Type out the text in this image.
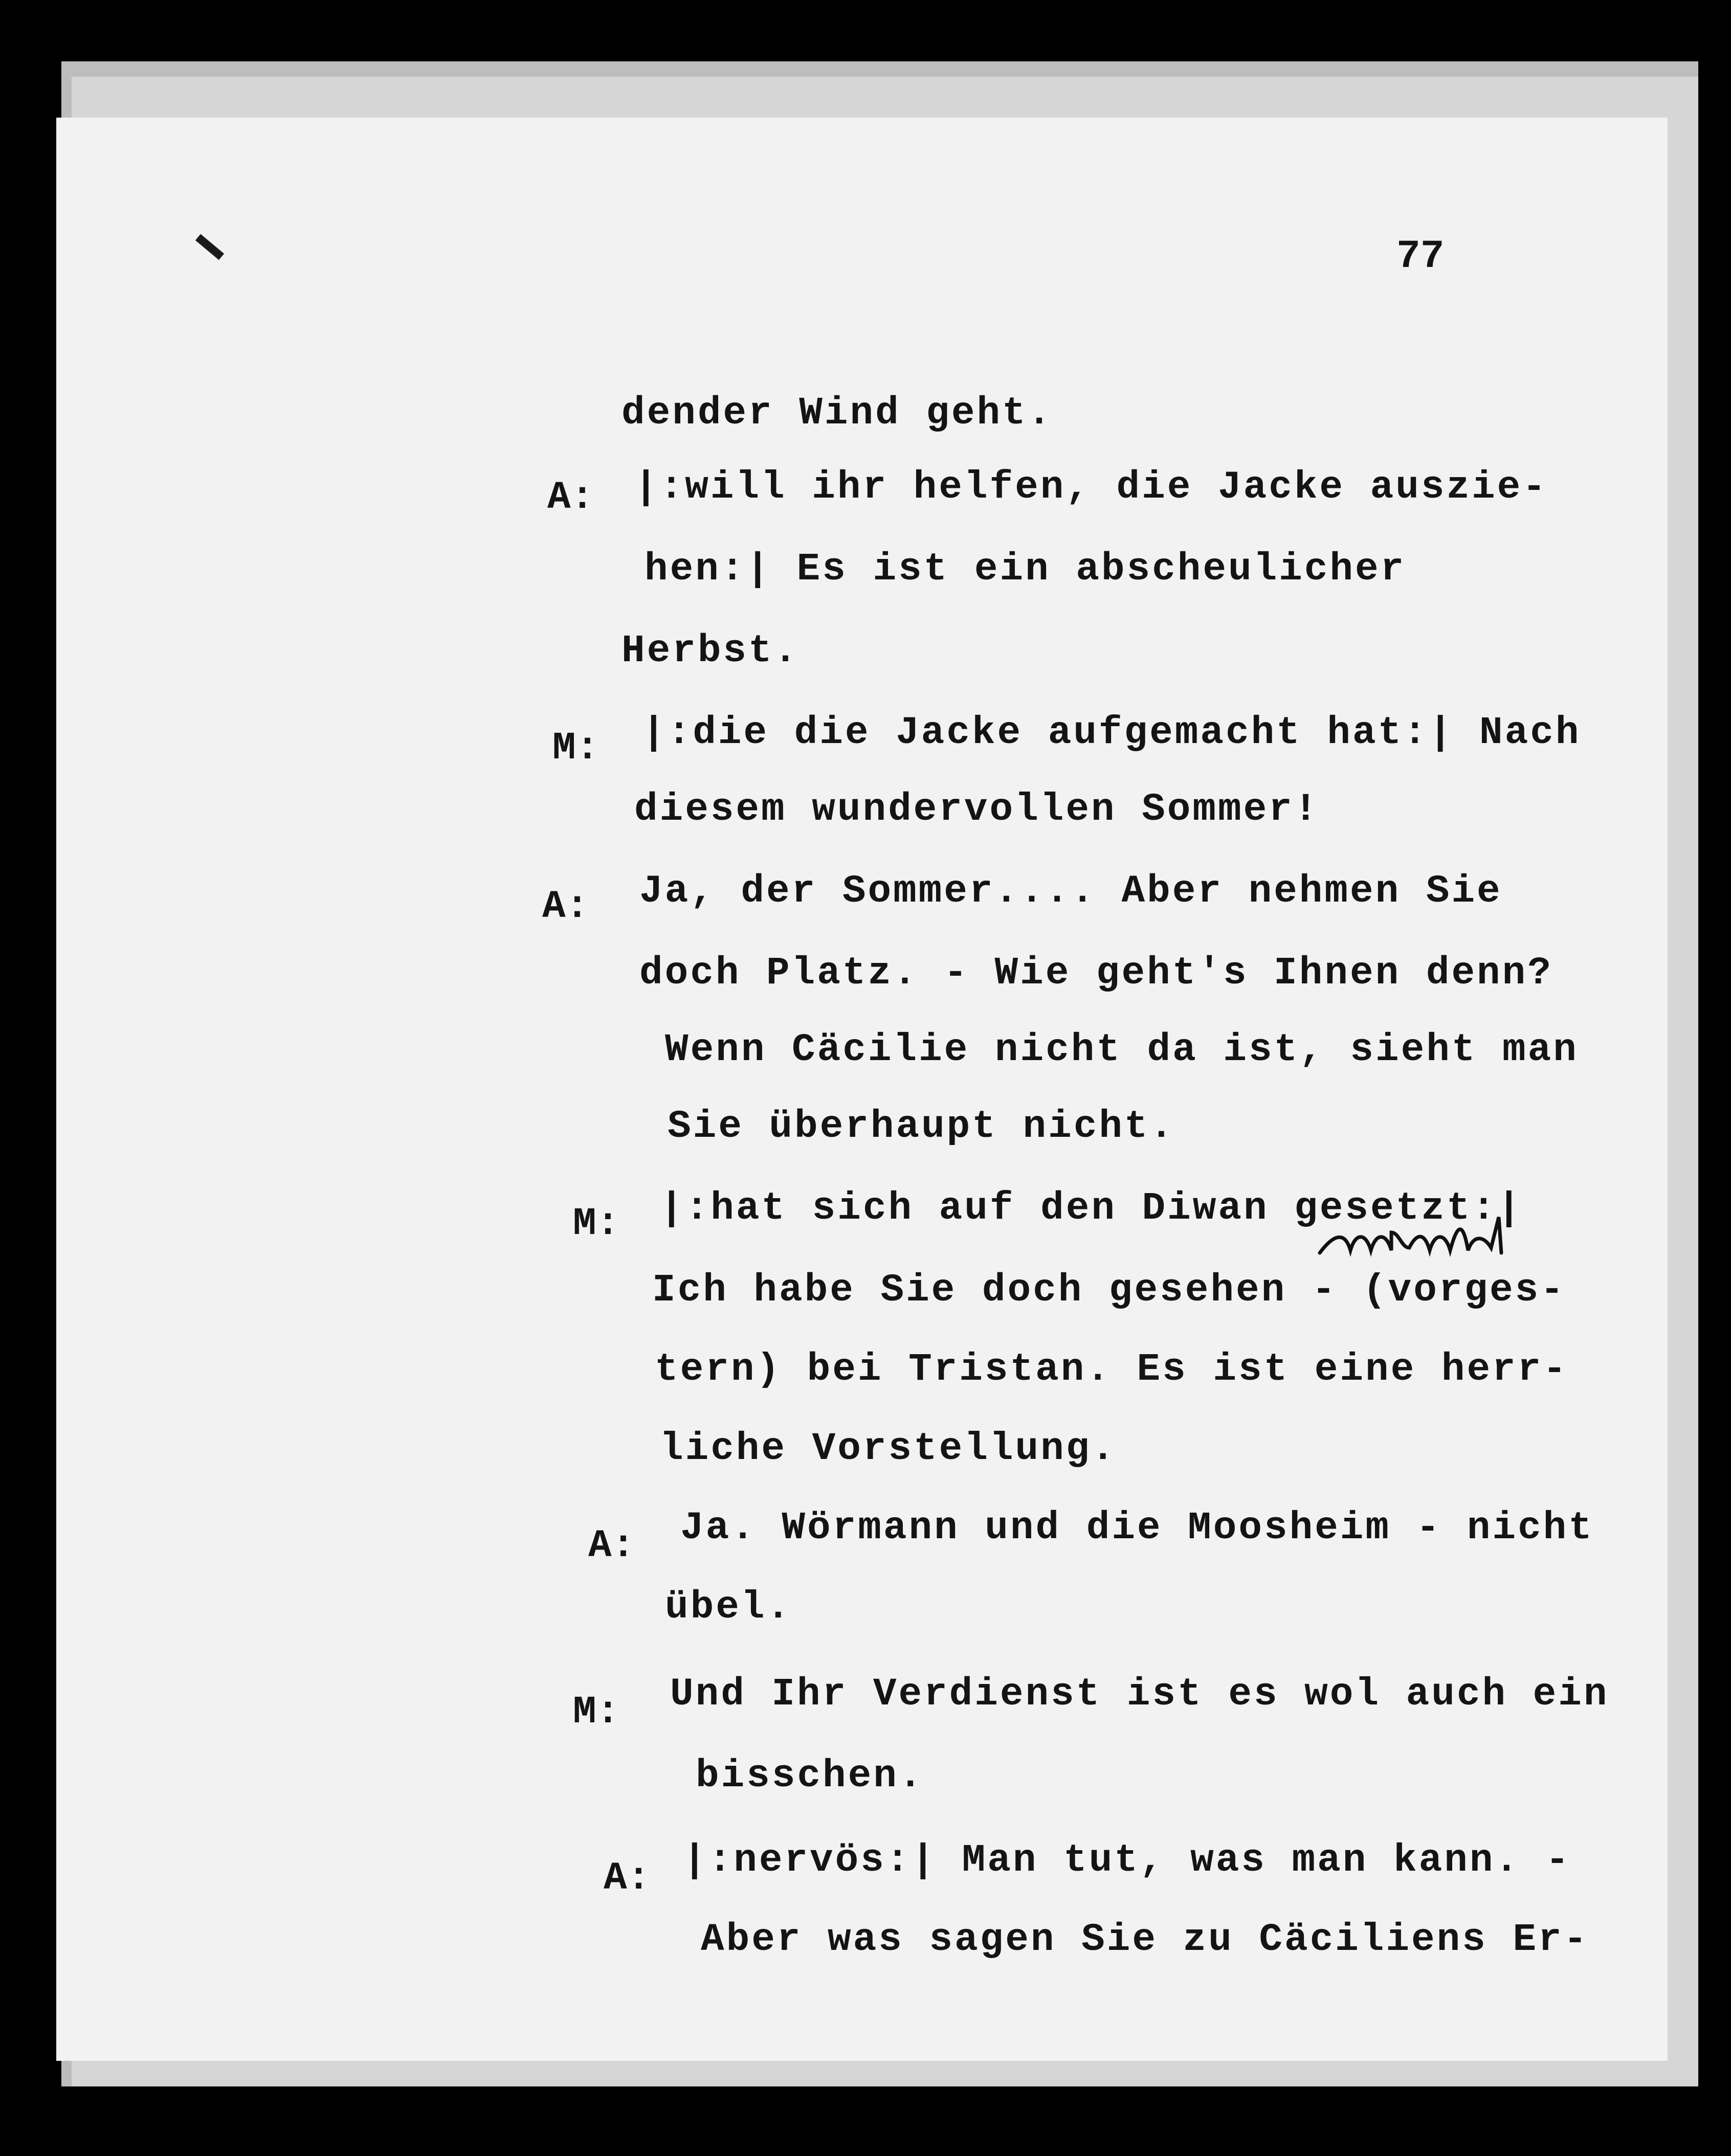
77
dender Wind geht.
A: |:will ihr helfen, die Jacke auszie-
hen:| Es ist ein abscheulicher
Herbst.
M: |:die die Jacke aufgemacht hat:| Nach
diesem wundervollen Sommer!
A: Ja, der Sommer.... Aber nehmen Sie
doch Platz. - Wie geht's Ihnen denn?
Wenn Cäcilie nicht da ist, sieht man
Sie überhaupt nicht.
M: |:hat sich auf den Diwan gesetzt:|
Ich habe Sie doch gesehen - (vorges-
tern) bei Tristan. Es ist eine herr-
liche Vorstellung.
A: Ja. Wörmann und die Moosheim - nicht
übel.
M: Und Ihr Verdienst ist es wol auch ein
bisschen.
A: |:nervös:| Man tut, was man kann. -
Aber was sagen Sie zu Cäciliens Er-
